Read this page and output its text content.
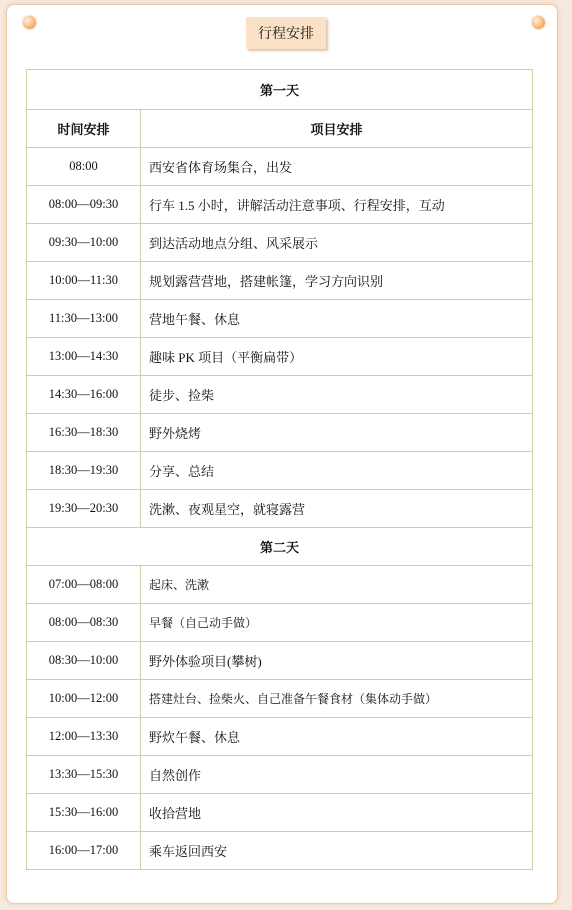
行程安排
第一天	
时间安排	项目安排
08:00	西安省体育场集合，出发
08:00—09:30	行车 1.5 小时，讲解活动注意事项、行程安排，互动
09:30—10:00	到达活动地点分组、风采展示
10:00—11:30	规划露营营地，搭建帐篷，学习方向识别
11:30—13:00	营地午餐、休息
13:00—14:30	趣味 PK 项目（平衡扁带）
14:30—16:00	徒步、捡柴
16:30—18:30	野外烧烤
18:30—19:30	分享、总结
19:30—20:30	洗漱、夜观星空，就寝露营
第二天	
07:00—08:00	起床、洗漱
08:00—08:30	早餐（自己动手做）
08:30—10:00	野外体验项目(攀树)
10:00—12:00	搭建灶台、捡柴火、自己准备午餐食材（集体动手做）
12:00—13:30	野炊午餐、休息
13:30—15:30	自然创作
15:30—16:00	收拾营地
16:00—17:00	乘车返回西安
